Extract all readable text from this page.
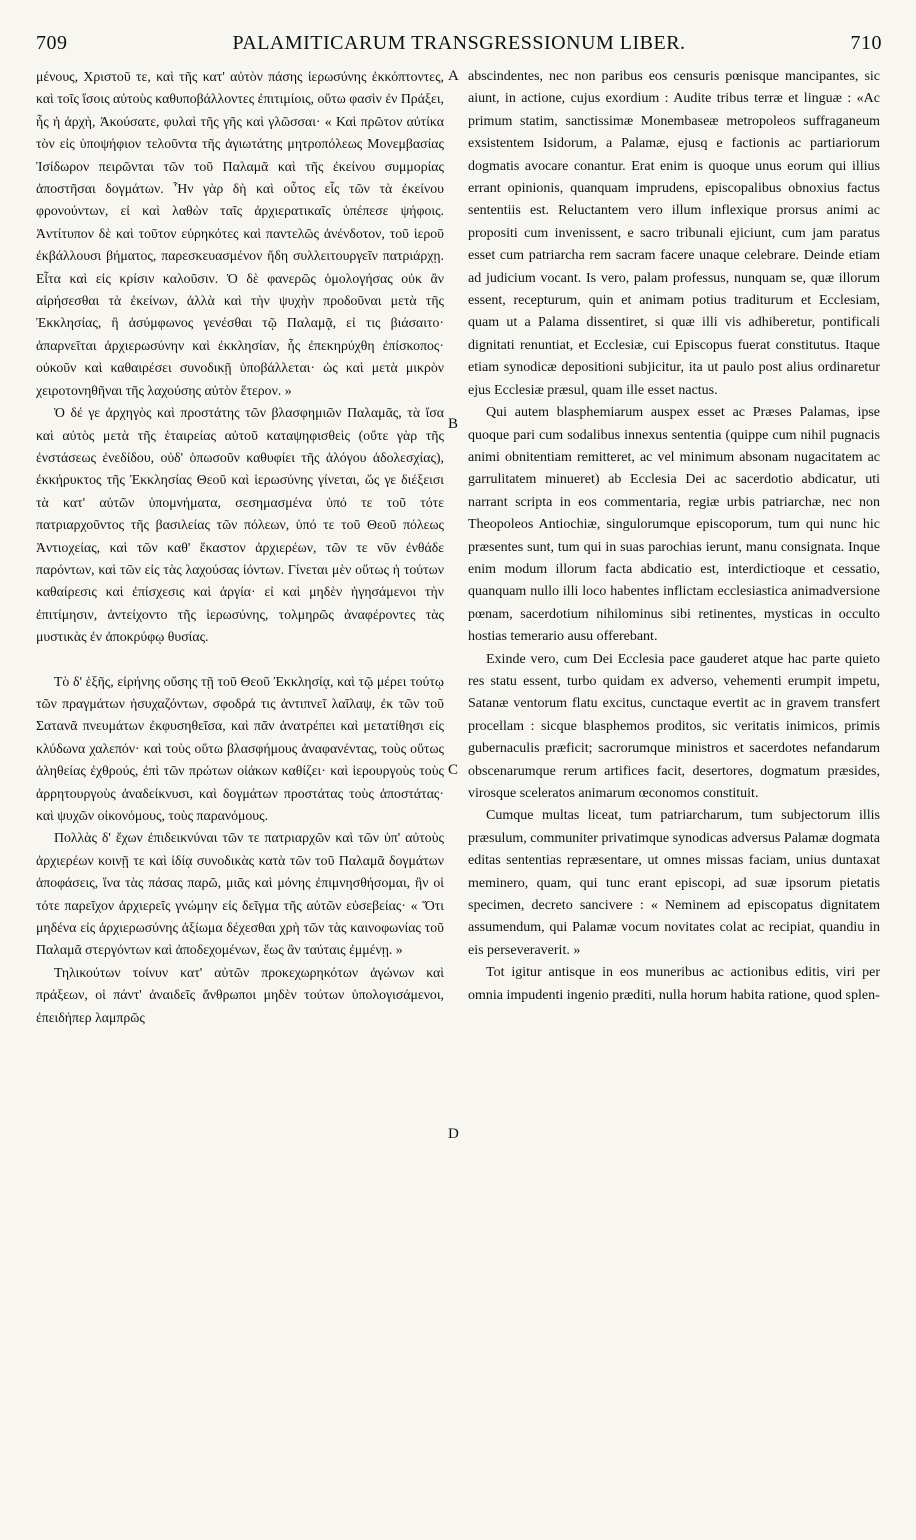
709	PALAMITICARUM TRANSGRESSIONUM LIBER.	710
A
B
C
D

μένους, Χριστοῦ τε, καὶ τῆς κατ' αὐτὸν πάσης ἱερωσύνης ἐκκόπτοντες, καὶ τοῖς ἴσοις αὐτοὺς καθυποβάλλοντες ἐπιτιμίοις, οὕτω φασὶν ἐν Πράξει, ἧς ἡ ἀρχὴ, Ἀκούσατε, φυλαὶ τῆς γῆς καὶ γλῶσσαι· « Καὶ πρῶτον αὐτίκα τὸν εἰς ὑποψήφιον τελοῦντα τῆς ἁγιωτάτης μητροπόλεως Μονεμβασίας Ἰσίδωρον πειρῶνται τῶν τοῦ Παλαμᾶ καὶ τῆς ἐκείνου συμμορίας ἀποστῆσαι δογμάτων. Ἦν γὰρ δὴ καὶ οὗτος εἷς τῶν τὰ ἐκείνου φρονούντων, εἰ καὶ λαθὼν ταῖς ἀρχιερατικαῖς ὑπέπεσε ψήφοις. Ἀντίτυπον δὲ καὶ τοῦτον εὑρηκότες καὶ παντελῶς ἀνένδοτον, τοῦ ἱεροῦ ἐκβάλλουσι βήματος, παρεσκευασμένον ἤδη συλλειτουργεῖν πατριάρχῃ. Εἶτα καὶ εἰς κρίσιν καλοῦσιν. Ὁ δὲ φανερῶς ὁμολογήσας οὐκ ἂν αἱρήσεσθαι τὰ ἐκείνων, ἀλλὰ καὶ τὴν ψυχὴν προδοῦναι μετὰ τῆς Ἐκκλησίας, ἢ ἀσύμφωνος γενέσθαι τῷ Παλαμᾷ, εἰ τις βιάσαιτο· ἀπαρνεῖται ἀρχιερωσύνην καὶ ἐκκλησίαν, ἧς ἐπεκηρύχθη ἐπίσκοπος· οὐκοῦν καὶ καθαιρέσει συνοδικῇ ὑποβάλλεται· ὡς καὶ μετὰ μικρὸν χειροτονηθῆναι τῆς λαχούσης αὐτὸν ἕτερον. »

Ὁ δέ γε ἀρχηγὸς καὶ προστάτης τῶν βλασφημιῶν Παλαμᾶς, τὰ ἴσα καὶ αὐτὸς μετὰ τῆς ἑταιρείας αὐτοῦ καταψηφισθεὶς (οὔτε γὰρ τῆς ἐνστάσεως ἐνεδίδου, οὐδ' ὁπωσοῦν καθυφίει τῆς ἀλόγου ἀδολεσχίας), ἐκκήρυκτος τῆς Ἐκκλησίας Θεοῦ καὶ ἱερωσύνης γίνεται, ὥς γε διέξεισι τὰ κατ' αὐτῶν ὑπομνήματα, σεσημασμένα ὑπό τε τοῦ τότε πατριαρχοῦντος τῆς βασιλείας τῶν πόλεων, ὑπό τε τοῦ Θεοῦ πόλεως Ἀντιοχείας, καὶ τῶν καθ' ἕκαστον ἀρχιερέων, τῶν τε νῦν ἐνθάδε παρόντων, καὶ τῶν εἰς τὰς λαχούσας ἰόντων. Γίνεται μὲν οὕτως ἡ τούτων καθαίρεσις καὶ ἐπίσχεσις καὶ ἀργία· εἰ καὶ μηδὲν ἡγησάμενοι τὴν ἐπιτίμησιν, ἀντείχοντο τῆς ἱερωσύνης, τολμηρῶς ἀναφέροντες τὰς μυστικὰς ἐν ἀποκρύφῳ θυσίας.

Τὸ δ' ἑξῆς, εἰρήνης οὔσης τῇ τοῦ Θεοῦ Ἐκκλησίᾳ, καὶ τῷ μέρει τούτῳ τῶν πραγμάτων ἡσυχαζόντων, σφοδρά τις ἀντιπνεῖ λαῖλαψ, ἐκ τῶν τοῦ Σατανᾶ πνευμάτων ἐκφυσηθεῖσα, καὶ πᾶν ἀνατρέπει καὶ μετατίθησι εἰς κλύδωνα χαλεπόν· καὶ τοὺς οὕτω βλασφήμους ἀναφανέντας, τοὺς οὕτως ἀληθείας ἐχθρούς, ἐπὶ τῶν πρώτων οἰάκων καθίζει· καὶ ἱερουργοὺς τοὺς ἀρρητουργοὺς ἀναδείκνυσι, καὶ δογμάτων προστάτας τοὺς ἀποστάτας· καὶ ψυχῶν οἰκονόμους, τοὺς παρανόμους.

Πολλὰς δ' ἔχων ἐπιδεικνύναι τῶν τε πατριαρχῶν καὶ τῶν ὑπ' αὐτοὺς ἀρχιερέων κοινῇ τε καὶ ἰδίᾳ συνοδικὰς κατὰ τῶν τοῦ Παλαμᾶ δογμάτων ἀποφάσεις, ἵνα τὰς πάσας παρῶ, μιᾶς καὶ μόνης ἐπιμνησθήσομαι, ἣν οἱ τότε παρεῖχον ἀρχιερεῖς γνώμην εἰς δεῖγμα τῆς αὐτῶν εὐσεβείας· « Ὅτι μηδένα εἰς ἀρχιερωσύνης ἀξίωμα δέχεσθαι χρὴ τῶν τὰς καινοφωνίας τοῦ Παλαμᾶ στεργόντων καὶ ἀποδεχομένων, ἕως ἂν ταύταις ἐμμένῃ. »

Τηλικούτων τοίνυν κατ' αὐτῶν προκεχωρηκότων ἀγώνων καὶ πράξεων, οἱ πάντ' ἀναιδεῖς ἄνθρωποι μηδὲν τούτων ὑπολογισάμενοι, ἐπειδήπερ λαμπρῶς

abscindentes, nec non paribus eos censuris pœnisque mancipantes, sic aiunt, in actione, cujus exordium : Audite tribus terræ et linguæ : «Ac primum statim, sanctissimæ Monembaseæ metropoleos suffraganeum exsistentem Isidorum, a Palamæ, ejusq e factionis ac partiariorum dogmatis avocare conantur. Erat enim is quoque unus eorum qui illius errant opinionis, quanquam imprudens, episcopalibus obnoxius factus sententiis est. Reluctantem vero illum inflexique prorsus animi ac propositi cum invenissent, e sacro tribunali ejiciunt, cum jam paratus esset cum patriarcha rem sacram facere unaque celebrare. Deinde etiam ad judicium vocant. Is vero, palam professus, nunquam se, quæ illorum essent, recepturum, quin et animam potius traditurum et Ecclesiam, quam ut a Palama dissentiret, si quæ illi vis adhiberetur, pontificali dignitati renuntiat, et Ecclesiæ, cui Episcopus fuerat constitutus. Itaque etiam synodicæ depositioni subjicitur, ita ut paulo post alius ordinaretur ejus Ecclesiæ præsul, quam ille esset nactus.

Qui autem blasphemiarum auspex esset ac Præses Palamas, ipse quoque pari cum sodalibus innexus sententia (quippe cum nihil pugnacis animi obnitentiam remitteret, ac vel minimum absonam nugacitatem ac garrulitatem minueret) ab Ecclesia Dei ac sacerdotio abdicatur, uti narrant scripta in eos commentaria, regiæ urbis patriarchæ, nec non Theopoleos Antiochiæ, singulorumque episcoporum, tum qui nunc hic præsentes sunt, tum qui in suas parochias ierunt, manu consignata. Inque enim modum illorum facta abdicatio est, interdictioque et cessatio, quanquam nullo illi loco habentes inflictam ecclesiastica animadversione pœnam, sacerdotium nihilominus sibi retinentes, mysticas in occulto hostias temerario ausu offerebant.

Exinde vero, cum Dei Ecclesia pace gauderet atque hac parte quieto res statu essent, turbo quidam ex adverso, vehementi erumpit impetu, Satanæ ventorum flatu excitus, cunctaque evertit ac in gravem transfert procellam : sicque blasphemos proditos, sic veritatis inimicos, primis gubernaculis præficit; sacrorumque ministros et sacerdotes nefandarum obscenarumque rerum artifices facit, desertores, dogmatum præsides, virosque sceleratos animarum œconomos constituit.

Cumque multas liceat, tum patriarcharum, tum subjectorum illis præsulum, communiter privatimque synodicas adversus Palamæ dogmata editas sententias repræsentare, ut omnes missas faciam, unius duntaxat meminero, quam, qui tunc erant episcopi, ad suæ ipsorum pietatis specimen, decreto sancivere : « Neminem ad episcopatus dignitatem assumendum, qui Palamæ vocum novitates colat ac recipiat, quandiu in eis perseveraverit. »

Tot igitur antisque in eos muneribus ac actionibus editis, viri per omnia impudenti ingenio præditi, nulla horum habita ratione, quod splen-
